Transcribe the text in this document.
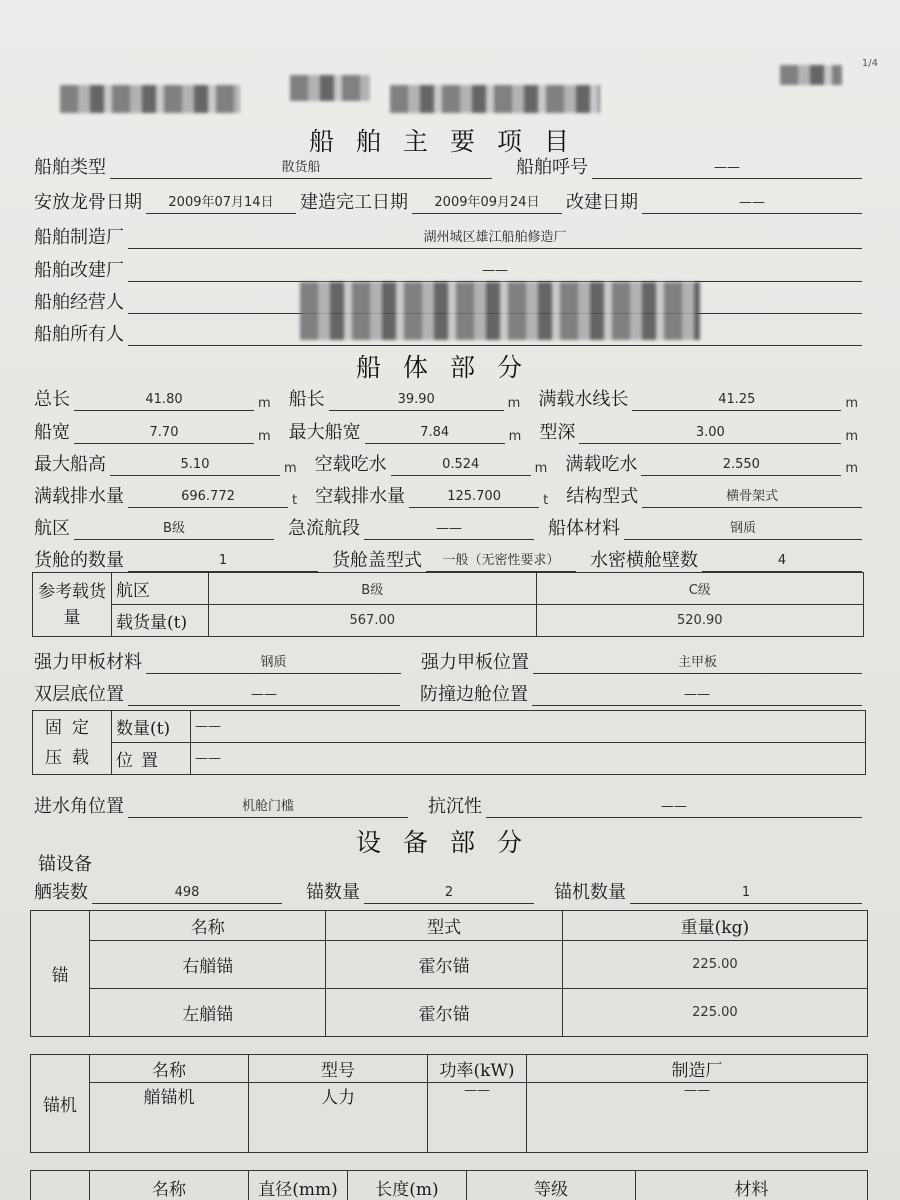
1/4
船舶主要项目
船舶类型	散货船	船舶呼号	——
安放龙骨日期	2009年07月14日	建造完工日期	2009年09月24日	改建日期	——
船舶制造厂	湖州城区雄江船舶修造厂
船舶改建厂	——
船舶经营人
船舶所有人
船体部分
总长	41.80	m 船长	39.90	m 满载水线长	41.25	m
船宽	7.70	m 最大船宽	7.84	m 型深	3.00	m
最大船高	5.10	m 空载吃水	0.524	m 满载吃水	2.550	m
满载排水量	696.772	t 空载排水量	125.700	t 结构型式	横骨架式
航区	B级	急流航段	——	船体材料	钢质
货舱的数量	1	货舱盖型式	一般（无密性要求）	水密横舱壁数	4
参考载货量	航区	B级	C级
	载货量(t)	567.00	520.90
强力甲板材料	钢质	强力甲板位置	主甲板
双层底位置	——	防撞边舱位置	——
固定
压载	数量(t)	——
	位置	——
进水角位置	机舱门槛	抗沉性	——
设备部分
锚设备
舾装数	498	锚数量	2	锚机数量	1
锚	名称	型式	重量(kg)
	右艏锚	霍尔锚	225.00
	左艏锚	霍尔锚	225.00
锚机	名称	型号	功率(kW)	制造厂
	艏锚机	人力	——	——
	名称	直径(mm)	长度(m)	等级	材料
